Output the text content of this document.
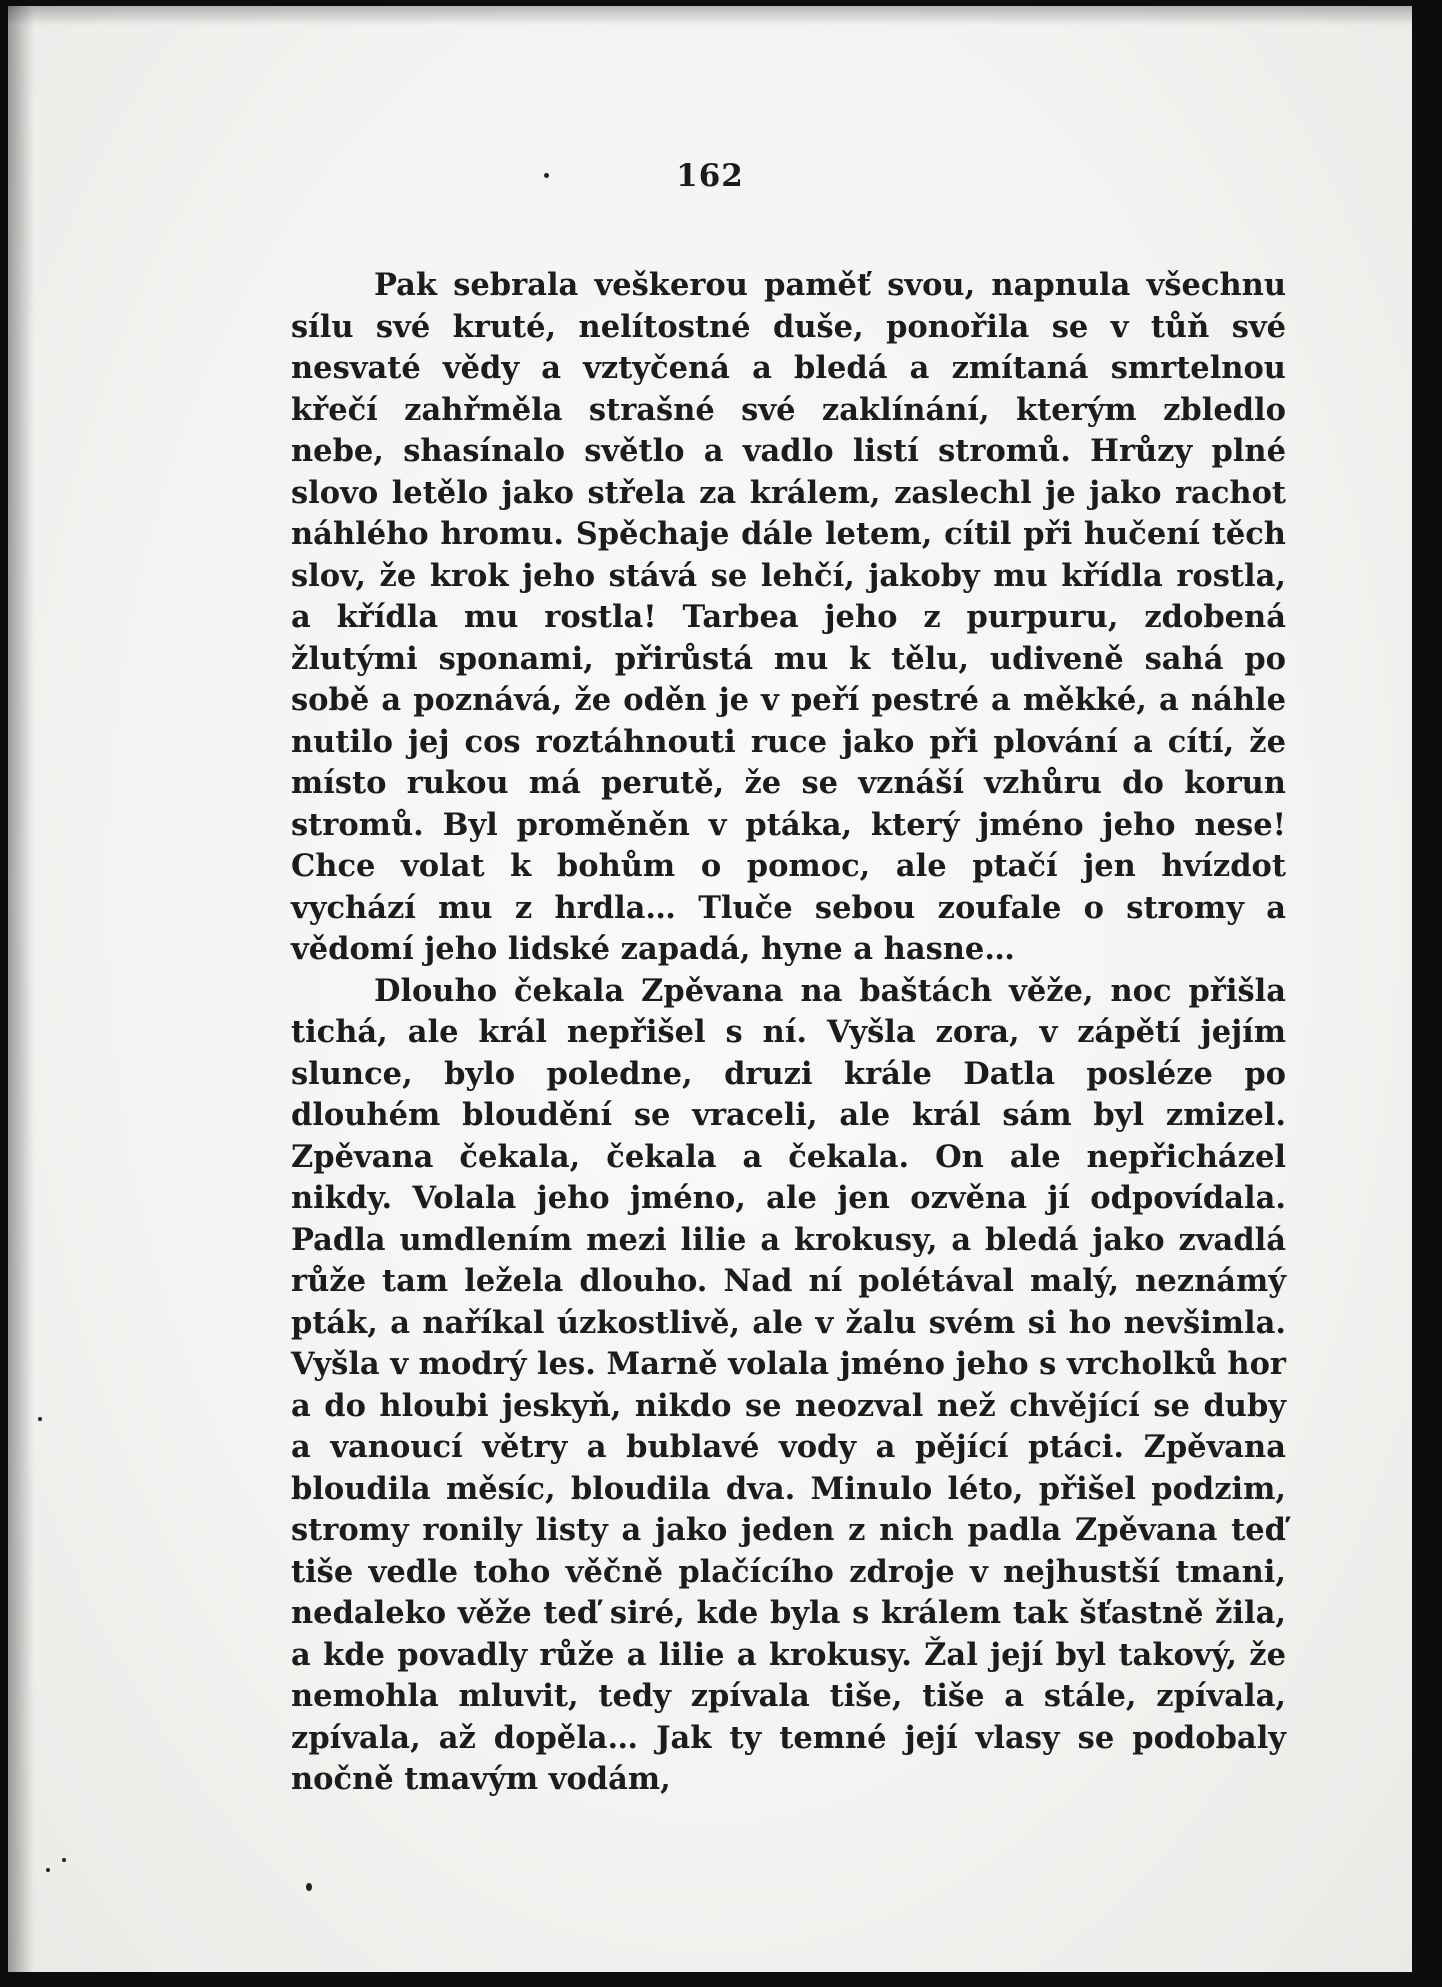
162

Pak sebrala veškerou paměť svou, napnula všechnu sílu své kruté, nelítostné duše, ponořila se v tůň své nesvaté vědy a vztyčená a bledá a zmítaná smrtelnou křečí zahřměla strašné své zaklínání, kterým zbledlo nebe, shasínalo světlo a vadlo listí stromů. Hrůzy plné slovo letělo jako střela za králem, zaslechl je jako rachot náhlého hromu. Spěchaje dále letem, cítil při hučení těch slov, že krok jeho stává se lehčí, jakoby mu křídla rostla, a křídla mu rostla! Tarbea jeho z purpuru, zdobená žlutými sponami, přirůstá mu k tělu, udiveně sahá po sobě a poznává, že oděn je v peří pestré a měkké, a náhle nutilo jej cos roztáhnouti ruce jako při plování a cítí, že místo rukou má perutě, že se vznáší vzhůru do korun stromů. Byl proměněn v ptáka, který jméno jeho nese! Chce volat k bohům o pomoc, ale ptačí jen hvízdot vychází mu z hrdla… Tluče sebou zoufale o stromy a vědomí jeho lidské zapadá, hyne a hasne…

Dlouho čekala Zpěvana na baštách věže, noc přišla tichá, ale král nepřišel s ní. Vyšla zora, v zápětí jejím slunce, bylo poledne, druzi krále Datla posléze po dlouhém bloudění se vraceli, ale král sám byl zmizel. Zpěvana čekala, čekala a čekala. On ale nepřicházel nikdy. Volala jeho jméno, ale jen ozvěna jí odpovídala. Padla umdlením mezi lilie a krokusy, a bledá jako zvadlá růže tam ležela dlouho. Nad ní polétával malý, neznámý pták, a naříkal úzkostlivě, ale v žalu svém si ho nevšimla. Vyšla v modrý les. Marně volala jméno jeho s vrcholků hor a do hloubi jeskyň, nikdo se neozval než chvějící se duby a vanoucí větry a bublavé vody a pějící ptáci. Zpěvana bloudila měsíc, bloudila dva. Minulo léto, přišel podzim, stromy ronily listy a jako jeden z nich padla Zpěvana teď tiše vedle toho věčně plačícího zdroje v nejhustší tmani, nedaleko věže teď siré, kde byla s králem tak šťastně žila, a kde povadly růže a lilie a krokusy. Žal její byl takový, že nemohla mluvit, tedy zpívala tiše, tiše a stále, zpívala, zpívala, až dopěla… Jak ty temné její vlasy se podobaly nočně tmavým vodám,
